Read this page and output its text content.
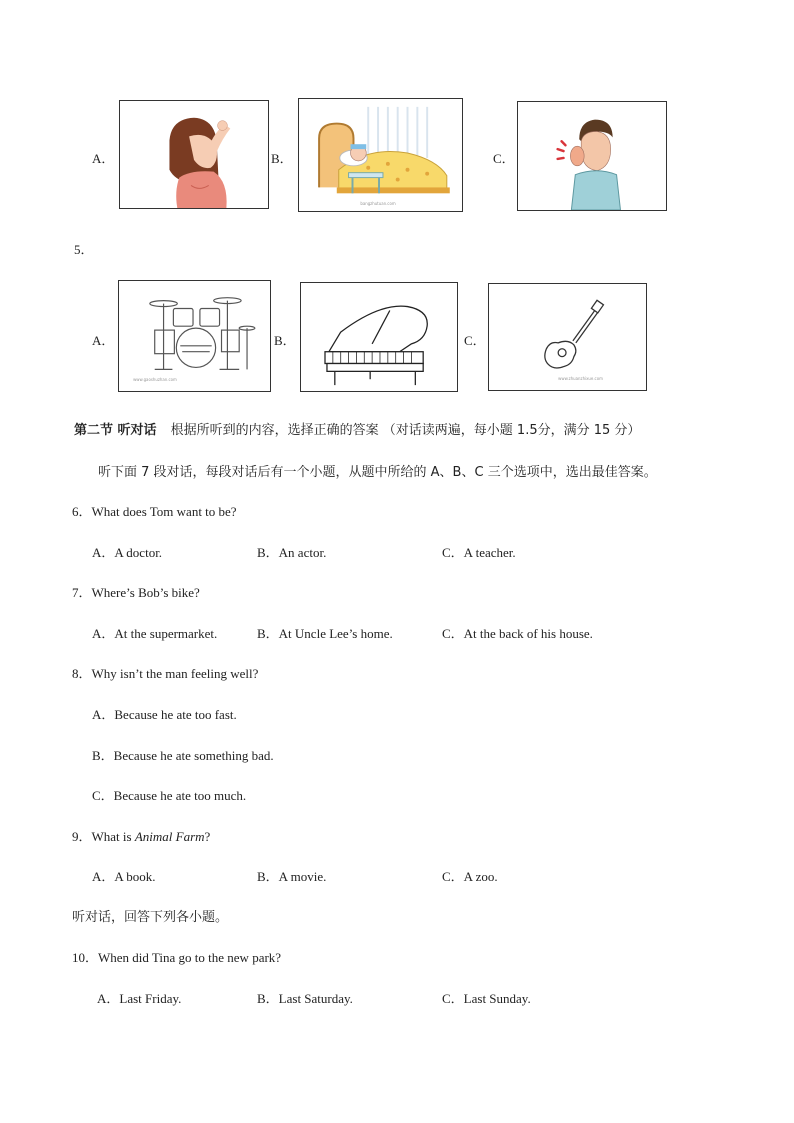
A．	B．
bangzhutuan.com
C．
5．
A．
www.gaoshuzhan.com
B．	C．
www.zhuanzhixue.com
第二节 听对话 根据所听到的内容，选择正确的答案 （对话读两遍，每小题 1.5分，满分 15 分）
听下面 7 段对话，每段对话后有一个小题，从题中所给的 A、B、C 三个选项中，选出最佳答案。
6．What does Tom want to be?
A．A doctor.	B．An actor.	C．A teacher.
7．Where’s Bob’s bike?
A．At the supermarket.	B．At Uncle Lee’s home.	C．At the back of his house.
8．Why isn’t the man feeling well?
A．Because he ate too fast.
B．Because he ate something bad.
C．Because he ate too much.
9．What is Animal Farm?
A．A book.	B．A movie.	C．A zoo.
听对话，回答下列各小题。
10．When did Tina go to the new park?
A．Last Friday.	B．Last Saturday.	C．Last Sunday.
